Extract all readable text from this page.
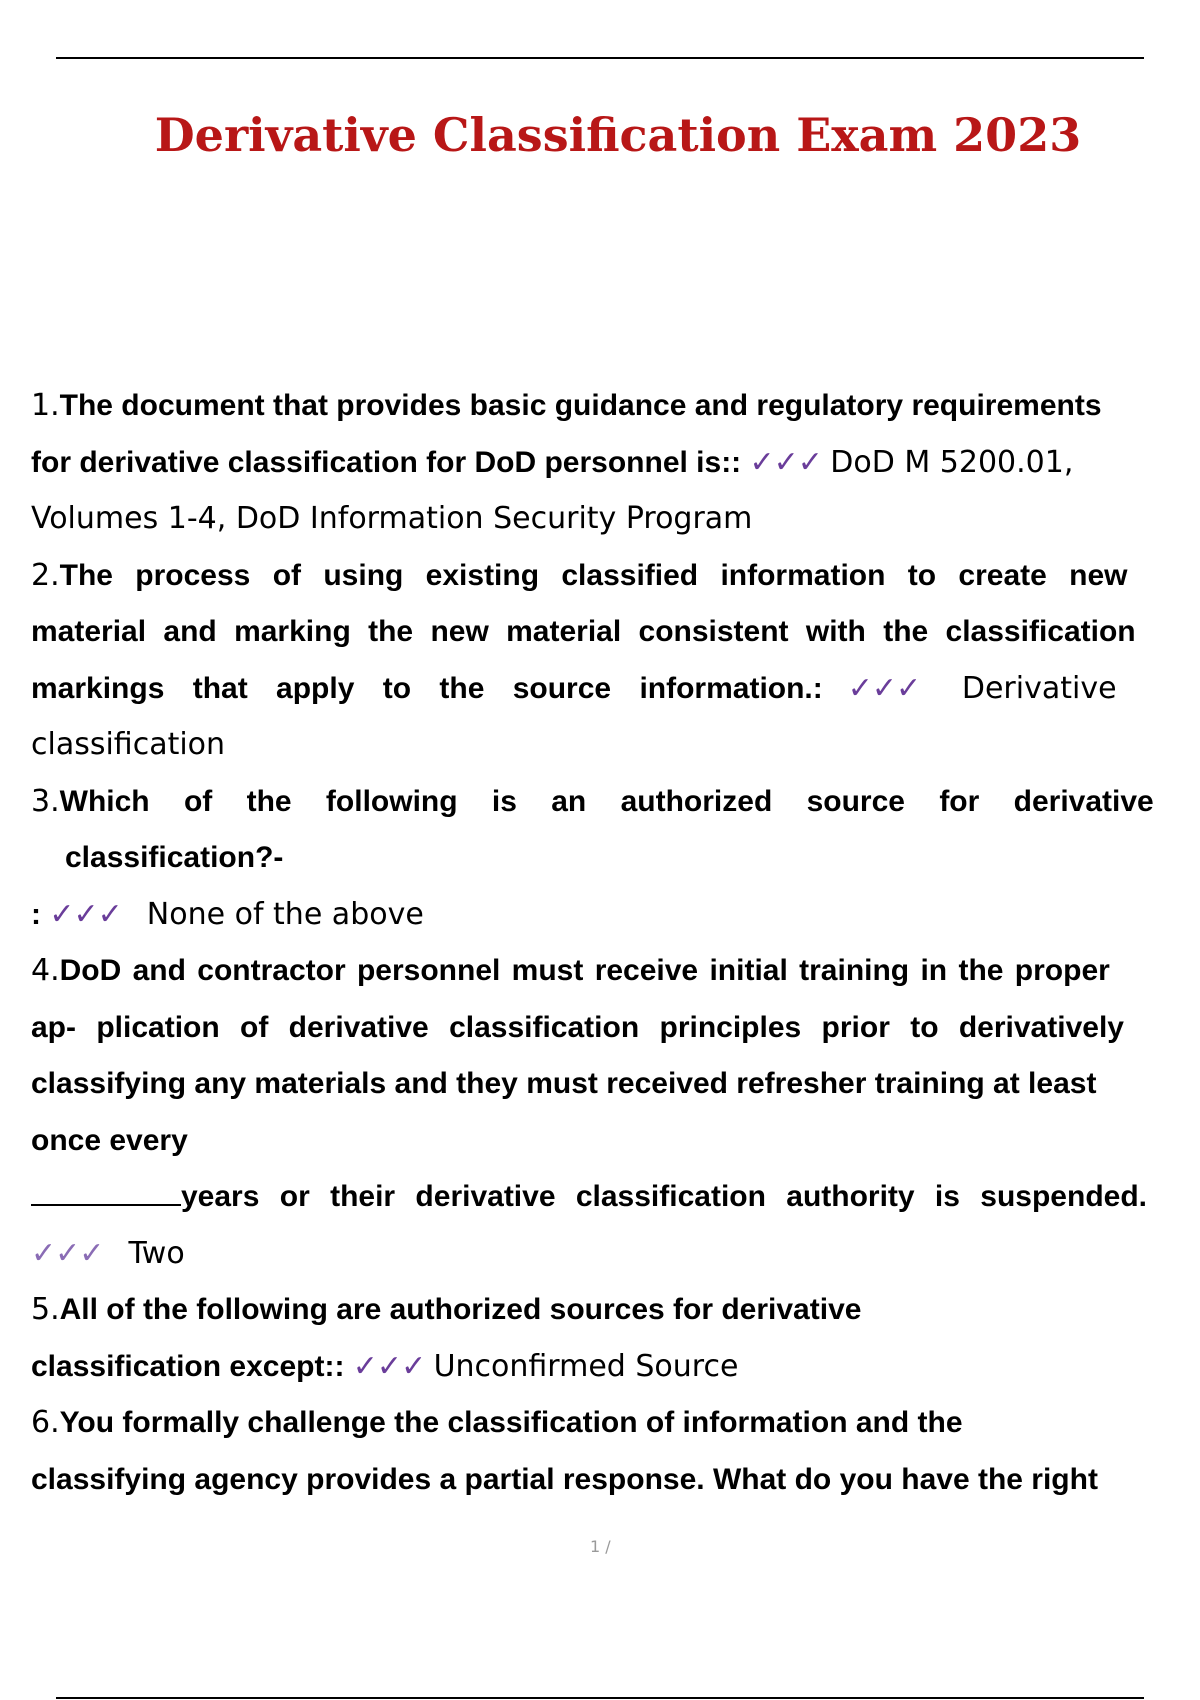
Derivative Classification Exam 2023
1.The document that provides basic guidance and regulatory requirements
for derivative classification for DoD personnel is:: ✓✓✓ DoD M 5200.01,
Volumes 1-4, DoD Information Security Program
2.The process of using existing classified information to create new
material and marking the new material consistent with the classification
markings that apply to the source information.: ✓✓✓ Derivative
classification
3.Which of the following is an authorized source for derivative
classification?-
: ✓✓✓ None of the above
4.DoD and contractor personnel must receive initial training in the proper
ap- plication of derivative classification principles prior to derivatively
classifying any materials and they must received refresher training at least
once every
years or their derivative classification authority is suspended.
✓✓✓ Two
5.All of the following are authorized sources for derivative
classification except:: ✓✓✓ Unconfirmed Source
6.You formally challenge the classification of information and the
classifying agency provides a partial response. What do you have the right
1 /
